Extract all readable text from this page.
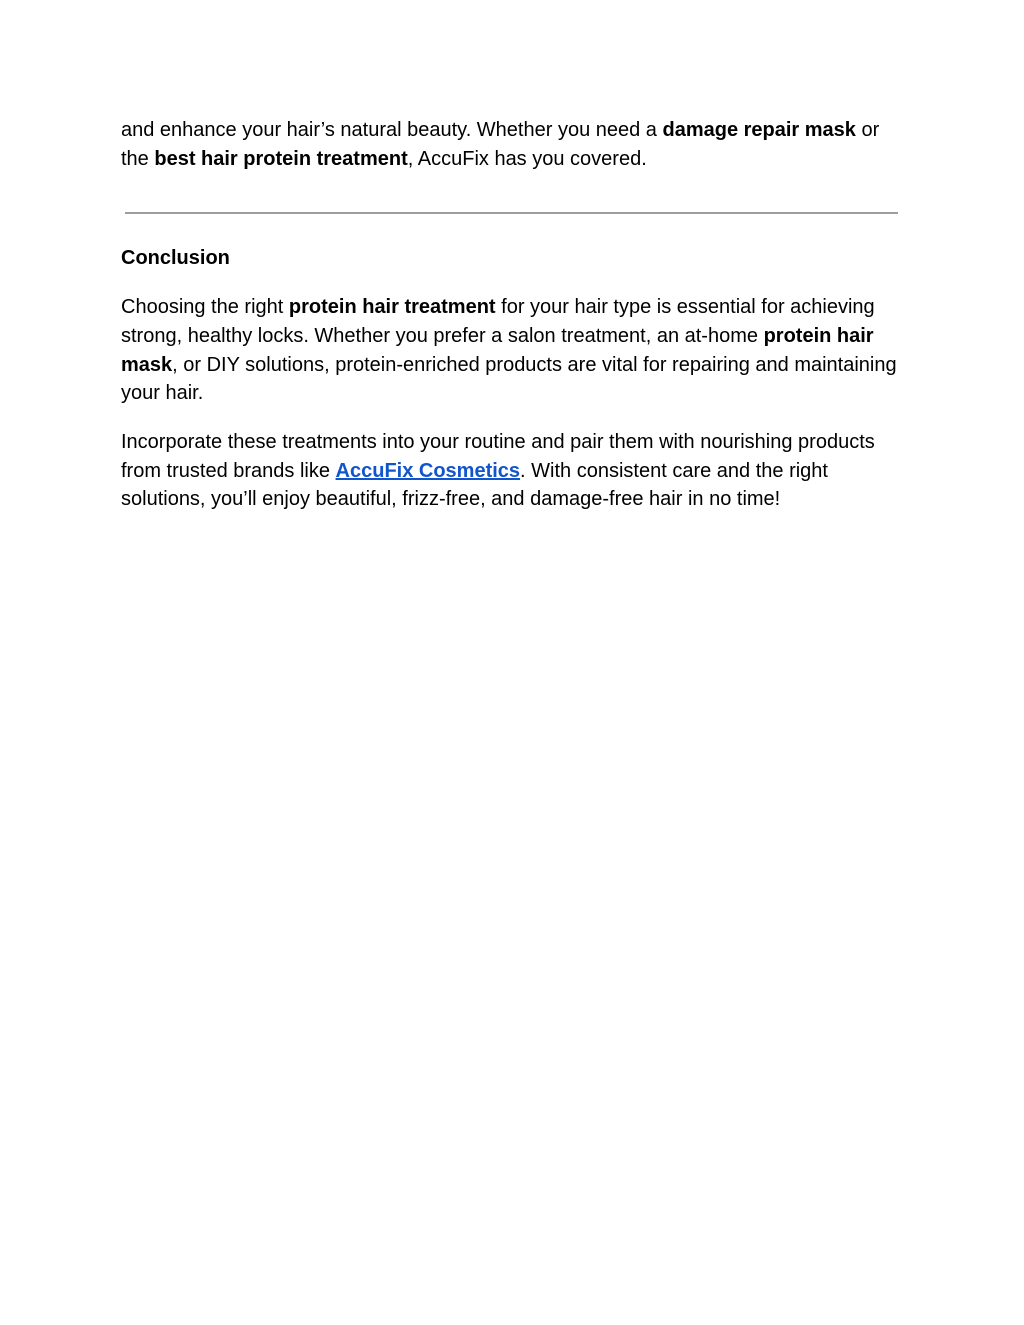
and enhance your hair’s natural beauty. Whether you need a damage repair mask or the best hair protein treatment, AccuFix has you covered.

Conclusion

Choosing the right protein hair treatment for your hair type is essential for achieving strong, healthy locks. Whether you prefer a salon treatment, an at-home protein hair mask, or DIY solutions, protein-enriched products are vital for repairing and maintaining your hair.

Incorporate these treatments into your routine and pair them with nourishing products from trusted brands like AccuFix Cosmetics. With consistent care and the right solutions, you’ll enjoy beautiful, frizz-free, and damage-free hair in no time!
